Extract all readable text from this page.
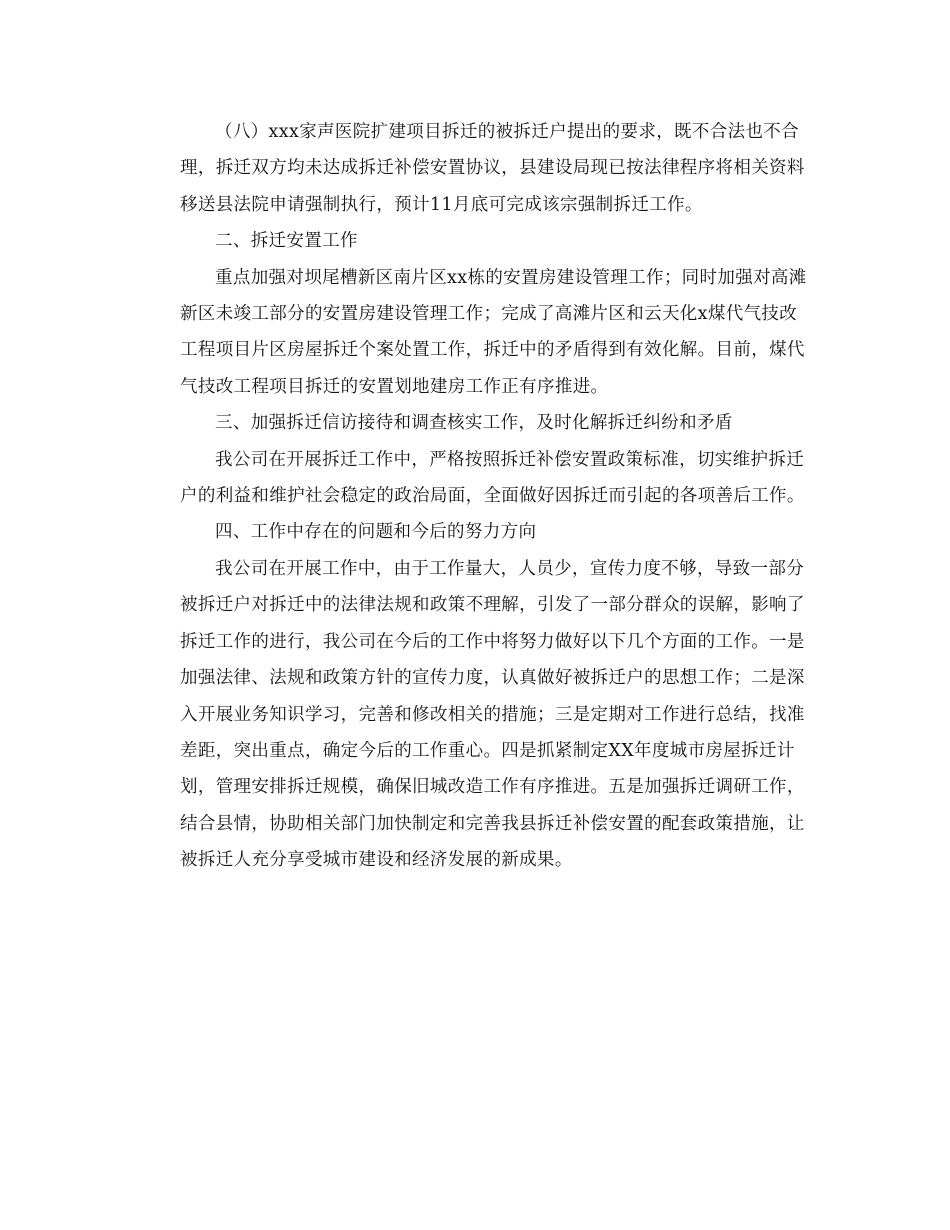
（八）xxx家声医院扩建项目拆迁的被拆迁户提出的要求，既不合法也不合
理，拆迁双方均未达成拆迁补偿安置协议，县建设局现已按法律程序将相关资料
移送县法院申请强制执行，预计11月底可完成该宗强制拆迁工作。
二、拆迁安置工作
重点加强对坝尾槽新区南片区xx栋的安置房建设管理工作；同时加强对高滩
新区未竣工部分的安置房建设管理工作；完成了高滩片区和云天化x煤代气技改
工程项目片区房屋拆迁个案处置工作，拆迁中的矛盾得到有效化解。目前，煤代
气技改工程项目拆迁的安置划地建房工作正有序推进。
三、加强拆迁信访接待和调查核实工作，及时化解拆迁纠纷和矛盾
我公司在开展拆迁工作中，严格按照拆迁补偿安置政策标准，切实维护拆迁
户的利益和维护社会稳定的政治局面，全面做好因拆迁而引起的各项善后工作。
四、工作中存在的问题和今后的努力方向
我公司在开展工作中，由于工作量大，人员少，宣传力度不够，导致一部分
被拆迁户对拆迁中的法律法规和政策不理解，引发了一部分群众的误解，影响了
拆迁工作的进行，我公司在今后的工作中将努力做好以下几个方面的工作。一是
加强法律、法规和政策方针的宣传力度，认真做好被拆迁户的思想工作；二是深
入开展业务知识学习，完善和修改相关的措施；三是定期对工作进行总结，找准
差距，突出重点，确定今后的工作重心。四是抓紧制定XX年度城市房屋拆迁计
划，管理安排拆迁规模，确保旧城改造工作有序推进。五是加强拆迁调研工作，
结合县情，协助相关部门加快制定和完善我县拆迁补偿安置的配套政策措施，让
被拆迁人充分享受城市建设和经济发展的新成果。
